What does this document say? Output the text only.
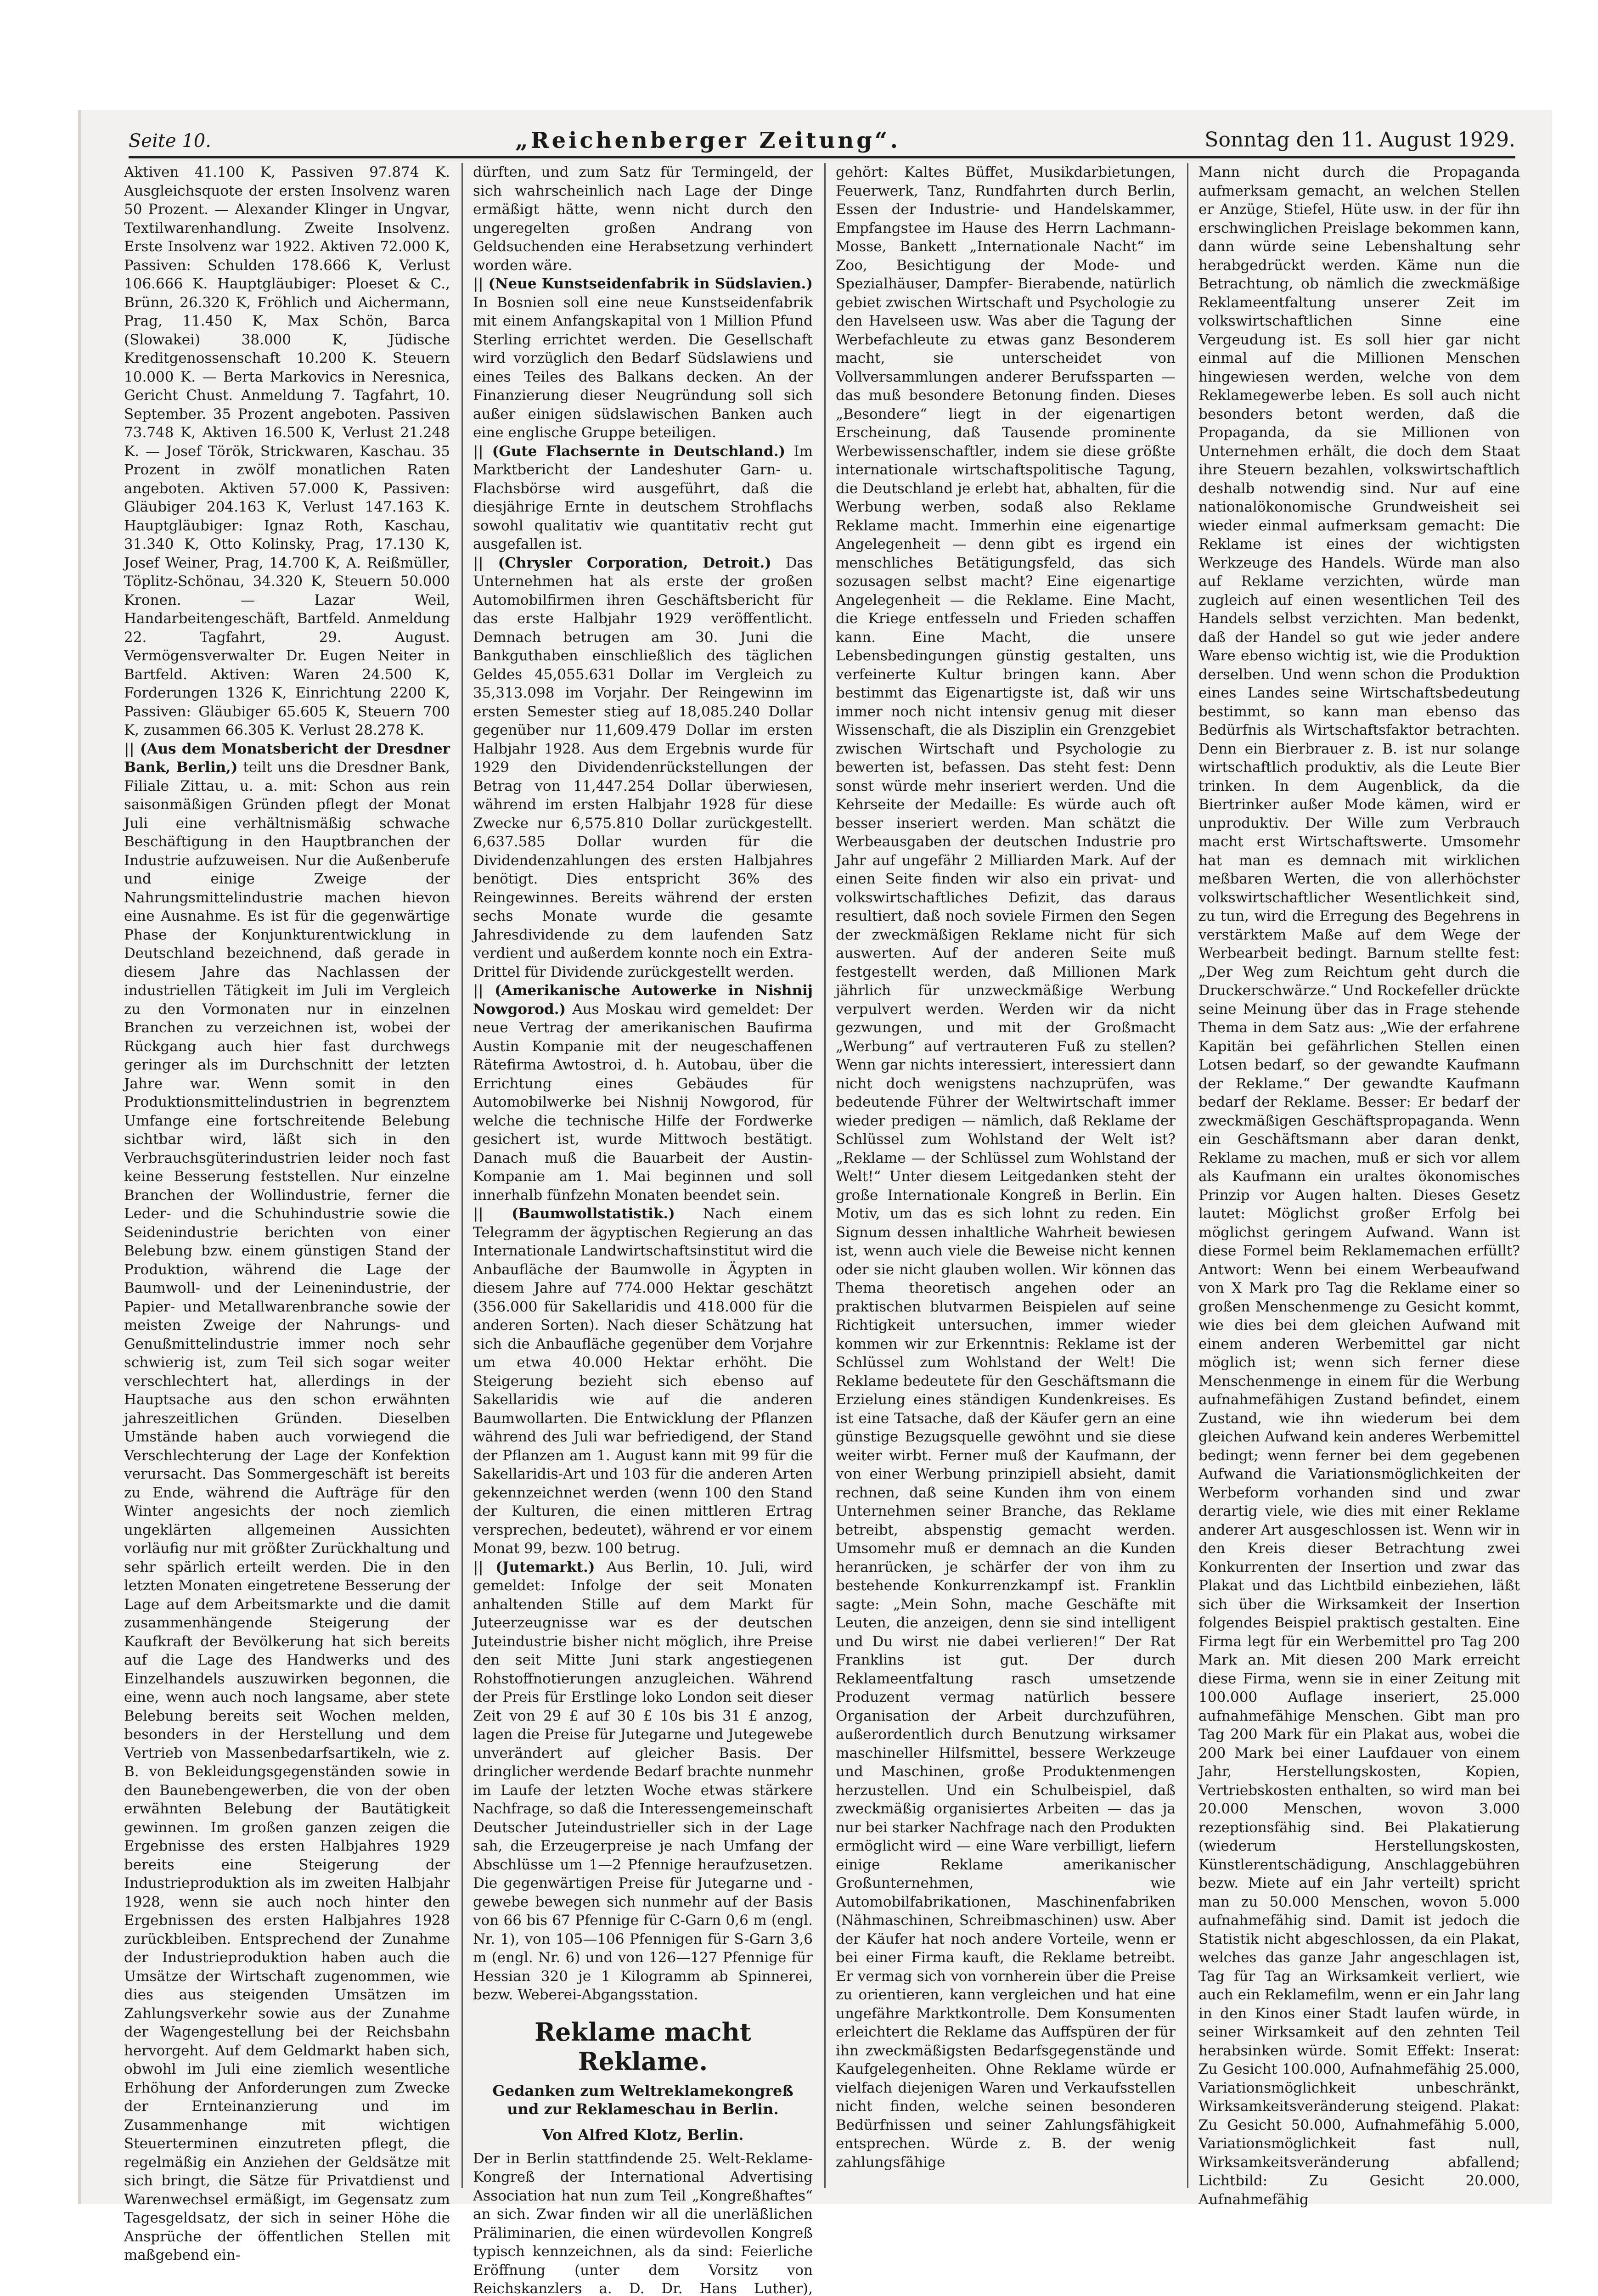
Seite 10.	„Reichenberger Zeitung“.	Sonntag den 11. August 1929.

Aktiven 41.100 K, Passiven 97.874 K. Ausgleichsquote der ersten Insolvenz waren 50 Prozent. — Alexander Klinger in Ungvar, Textilwarenhandlung. Zweite Insolvenz. Erste Insolvenz war 1922. Aktiven 72.000 K, Passiven: Schulden 178.666 K, Verlust 106.666 K. Hauptgläubiger: Ploeset & C., Brünn, 26.320 K, Fröhlich und Aichermann, Prag, 11.450 K, Max Schön, Barca (Slowakei) 38.000 K, Jüdische Kreditgenossenschaft 10.200 K. Steuern 10.000 K. — Berta Markovics in Neresnica, Gericht Chust. Anmeldung 7. Tagfahrt, 10. September. 35 Prozent angeboten. Passiven 73.748 K, Aktiven 16.500 K, Verlust 21.248 K. — Josef Török, Strickwaren, Kaschau. 35 Prozent in zwölf monatlichen Raten angeboten. Aktiven 57.000 K, Passiven: Gläubiger 204.163 K, Verlust 147.163 K. Hauptgläubiger: Ignaz Roth, Kaschau, 31.340 K, Otto Kolinsky, Prag, 17.130 K, Josef Weiner, Prag, 14.700 K, A. Reißmüller, Töplitz-Schönau, 34.320 K, Steuern 50.000 Kronen. — Lazar Weil, Handarbeitengeschäft, Bartfeld. Anmeldung 22. Tagfahrt, 29. August. Vermögensverwalter Dr. Eugen Neiter in Bartfeld. Aktiven: Waren 24.500 K, Forderungen 1326 K, Einrichtung 2200 K, Passiven: Gläubiger 65.605 K, Steuern 700 K, zusammen 66.305 K. Verlust 28.278 K.

|| (Aus dem Monatsbericht der Dresdner Bank, Berlin,) teilt uns die Dresdner Bank, Filiale Zittau, u. a. mit: Schon aus rein saisonmäßigen Gründen pflegt der Monat Juli eine verhältnismäßig schwache Beschäftigung in den Hauptbranchen der Industrie aufzuweisen. Nur die Außenberufe und einige Zweige der Nahrungsmittelindustrie machen hievon eine Ausnahme. Es ist für die gegenwärtige Phase der Konjunkturentwicklung in Deutschland bezeichnend, daß gerade in diesem Jahre das Nachlassen der industriellen Tätigkeit im Juli im Vergleich zu den Vormonaten nur in einzelnen Branchen zu verzeichnen ist, wobei der Rückgang auch hier fast durchwegs geringer als im Durchschnitt der letzten Jahre war. Wenn somit in den Produktionsmittelindustrien in begrenztem Umfange eine fortschreitende Belebung sichtbar wird, läßt sich in den Verbrauchsgüterindustrien leider noch fast keine Besserung feststellen. Nur einzelne Branchen der Wollindustrie, ferner die Leder- und die Schuhindustrie sowie die Seidenindustrie berichten von einer Belebung bzw. einem günstigen Stand der Produktion, während die Lage der Baumwoll- und der Leinenindustrie, der Papier- und Metallwarenbranche sowie der meisten Zweige der Nahrungs- und Genußmittelindustrie immer noch sehr schwierig ist, zum Teil sich sogar weiter verschlechtert hat, allerdings in der Hauptsache aus den schon erwähnten jahreszeitlichen Gründen. Dieselben Umstände haben auch vorwiegend die Verschlechterung der Lage der Konfektion verursacht. Das Sommergeschäft ist bereits zu Ende, während die Aufträge für den Winter angesichts der noch ziemlich ungeklärten allgemeinen Aussichten vorläufig nur mit größter Zurückhaltung und sehr spärlich erteilt werden. Die in den letzten Monaten eingetretene Besserung der Lage auf dem Arbeitsmarkte und die damit zusammenhängende Steigerung der Kaufkraft der Bevölkerung hat sich bereits auf die Lage des Handwerks und des Einzelhandels auszuwirken begonnen, die eine, wenn auch noch langsame, aber stete Belebung bereits seit Wochen melden, besonders in der Herstellung und dem Vertrieb von Massenbedarfsartikeln, wie z. B. von Bekleidungsgegenständen sowie in den Baunebengewerben, die von der oben erwähnten Belebung der Bautätigkeit gewinnen. Im großen ganzen zeigen die Ergebnisse des ersten Halbjahres 1929 bereits eine Steigerung der Industrieproduktion als im zweiten Halbjahr 1928, wenn sie auch noch hinter den Ergebnissen des ersten Halbjahres 1928 zurückbleiben. Entsprechend der Zunahme der Industrieproduktion haben auch die Umsätze der Wirtschaft zugenommen, wie dies aus steigenden Umsätzen im Zahlungsverkehr sowie aus der Zunahme der Wagengestellung bei der Reichsbahn hervorgeht. Auf dem Geldmarkt haben sich, obwohl im Juli eine ziemlich wesentliche Erhöhung der Anforderungen zum Zwecke der Ernteinanzierung und im Zusammenhange mit wichtigen Steuerterminen einzutreten pflegt, die regelmäßig ein Anziehen der Geldsätze mit sich bringt, die Sätze für Privatdienst und Warenwechsel ermäßigt, im Gegensatz zum Tagesgeldsatz, der sich in seiner Höhe die Ansprüche der öffentlichen Stellen mit maßgebend ein-

dürften, und zum Satz für Termingeld, der sich wahrscheinlich nach Lage der Dinge ermäßigt hätte, wenn nicht durch den ungeregelten großen Andrang von Geldsuchenden eine Herabsetzung verhindert worden wäre.

|| (Neue Kunstseidenfabrik in Südslavien.) In Bosnien soll eine neue Kunstseidenfabrik mit einem Anfangskapital von 1 Million Pfund Sterling errichtet werden. Die Gesellschaft wird vorzüglich den Bedarf Südslawiens und eines Teiles des Balkans decken. An der Finanzierung dieser Neugründung soll sich außer einigen südslawischen Banken auch eine englische Gruppe beteiligen.

|| (Gute Flachsernte in Deutschland.) Im Marktbericht der Landeshuter Garn- u. Flachsbörse wird ausgeführt, daß die diesjährige Ernte in deutschem Strohflachs sowohl qualitativ wie quantitativ recht gut ausgefallen ist.

|| (Chrysler Corporation, Detroit.) Das Unternehmen hat als erste der großen Automobilfirmen ihren Geschäftsbericht für das erste Halbjahr 1929 veröffentlicht. Demnach betrugen am 30. Juni die Bankguthaben einschließlich des täglichen Geldes 45,055.631 Dollar im Vergleich zu 35,313.098 im Vorjahr. Der Reingewinn im ersten Semester stieg auf 18,085.240 Dollar gegenüber nur 11,609.479 Dollar im ersten Halbjahr 1928. Aus dem Ergebnis wurde für 1929 den Dividendenrückstellungen der Betrag von 11,447.254 Dollar überwiesen, während im ersten Halbjahr 1928 für diese Zwecke nur 6,575.810 Dollar zurückgestellt. 6,637.585 Dollar wurden für die Dividendenzahlungen des ersten Halbjahres benötigt. Dies entspricht 36% des Reingewinnes. Bereits während der ersten sechs Monate wurde die gesamte Jahresdividende zu dem laufenden Satz verdient und außerdem konnte noch ein Extra-Drittel für Dividende zurückgestellt werden.

|| (Amerikanische Autowerke in Nishnij Nowgorod.) Aus Moskau wird gemeldet: Der neue Vertrag der amerikanischen Baufirma Austin Kompanie mit der neugeschaffenen Rätefirma Awtostroi, d. h. Autobau, über die Errichtung eines Gebäudes für Automobilwerke bei Nishnij Nowgorod, für welche die technische Hilfe der Fordwerke gesichert ist, wurde Mittwoch bestätigt. Danach muß die Bauarbeit der Austin-Kompanie am 1. Mai beginnen und soll innerhalb fünfzehn Monaten beendet sein.

|| (Baumwollstatistik.) Nach einem Telegramm der ägyptischen Regierung an das Internationale Landwirtschaftsinstitut wird die Anbaufläche der Baumwolle in Ägypten in diesem Jahre auf 774.000 Hektar geschätzt (356.000 für Sakellaridis und 418.000 für die anderen Sorten). Nach dieser Schätzung hat sich die Anbaufläche gegenüber dem Vorjahre um etwa 40.000 Hektar erhöht. Die Steigerung bezieht sich ebenso auf Sakellaridis wie auf die anderen Baumwollarten. Die Entwicklung der Pflanzen während des Juli war befriedigend, der Stand der Pflanzen am 1. August kann mit 99 für die Sakellaridis-Art und 103 für die anderen Arten gekennzeichnet werden (wenn 100 den Stand der Kulturen, die einen mittleren Ertrag versprechen, bedeutet), während er vor einem Monat 99, bezw. 100 betrug.

|| (Jutemarkt.) Aus Berlin, 10. Juli, wird gemeldet: Infolge der seit Monaten anhaltenden Stille auf dem Markt für Juteerzeugnisse war es der deutschen Juteindustrie bisher nicht möglich, ihre Preise den seit Mitte Juni stark angestiegenen Rohstoffnotierungen anzugleichen. Während der Preis für Erstlinge loko London seit dieser Zeit von 29 £ auf 30 £ 10s bis 31 £ anzog, lagen die Preise für Jutegarne und Jutegewebe unverändert auf gleicher Basis. Der dringlicher werdende Bedarf brachte nunmehr im Laufe der letzten Woche etwas stärkere Nachfrage, so daß die Interessengemeinschaft Deutscher Juteindustrieller sich in der Lage sah, die Erzeugerpreise je nach Umfang der Abschlüsse um 1—2 Pfennige heraufzusetzen. Die gegenwärtigen Preise für Jutegarne und -gewebe bewegen sich nunmehr auf der Basis von 66 bis 67 Pfennige für C-Garn 0,6 m (engl. Nr. 1), von 105—106 Pfennigen für S-Garn 3,6 m (engl. Nr. 6) und von 126—127 Pfennige für Hessian 320 je 1 Kilogramm ab Spinnerei, bezw. Weberei-Abgangsstation.

Reklame macht Reklame.
Gedanken zum Weltreklamekongreß und zur Reklameschau in Berlin.
Von Alfred Klotz, Berlin.

Der in Berlin stattfindende 25. Welt-Reklame-Kongreß der International Advertising Association hat nun zum Teil „Kongreßhaftes“ an sich. Zwar finden wir all die unerläßlichen Präliminarien, die einen würdevollen Kongreß typisch kennzeichnen, als da sind: Feierliche Eröffnung (unter dem Vorsitz von Reichskanzlers a. D. Dr. Hans Luther),

gehört: Kaltes Büffet, Musikdarbietungen, Feuerwerk, Tanz, Rundfahrten durch Berlin, Essen der Industrie- und Handelskammer, Empfangstee im Hause des Herrn Lachmann-Mosse, Bankett „Internationale Nacht“ im Zoo, Besichtigung der Mode- und Spezialhäuser, Dampfer- Bierabende, natürlich gebiet zwischen Wirtschaft und Psychologie zu den Havelseen usw. Was aber die Tagung der Werbefachleute zu etwas ganz Besonderem macht, sie unterscheidet von Vollversammlungen anderer Berufssparten — das muß besondere Betonung finden. Dieses „Besondere“ liegt in der eigenartigen Erscheinung, daß Tausende prominente Werbewissenschaftler, indem sie diese größte internationale wirtschaftspolitische Tagung, die Deutschland je erlebt hat, abhalten, für die Werbung werben, sodaß also Reklame Reklame macht. Immerhin eine eigenartige Angelegenheit — denn gibt es irgend ein menschliches Betätigungsfeld, das sich sozusagen selbst macht? Eine eigenartige Angelegenheit — die Reklame. Eine Macht, die Kriege entfesseln und Frieden schaffen kann. Eine Macht, die unsere Lebensbedingungen günstig gestalten, uns verfeinerte Kultur bringen kann. Aber bestimmt das Eigenartigste ist, daß wir uns immer noch nicht intensiv genug mit dieser Wissenschaft, die als Disziplin ein Grenzgebiet zwischen Wirtschaft und Psychologie zu bewerten ist, befassen. Das steht fest: Denn sonst würde mehr inseriert werden. Und die Kehrseite der Medaille: Es würde auch oft besser inseriert werden. Man schätzt die Werbeausgaben der deutschen Industrie pro Jahr auf ungefähr 2 Milliarden Mark. Auf der einen Seite finden wir also ein privat- und volkswirtschaftliches Defizit, das daraus resultiert, daß noch soviele Firmen den Segen der zweckmäßigen Reklame nicht für sich auswerten. Auf der anderen Seite muß festgestellt werden, daß Millionen Mark jährlich für unzweckmäßige Werbung verpulvert werden. Werden wir da nicht gezwungen, und mit der Großmacht „Werbung“ auf vertrauteren Fuß zu stellen? Wenn gar nichts interessiert, interessiert dann nicht doch wenigstens nachzuprüfen, was bedeutende Führer der Weltwirtschaft immer wieder predigen — nämlich, daß Reklame der Schlüssel zum Wohlstand der Welt ist? „Reklame — der Schlüssel zum Wohlstand der Welt!“ Unter diesem Leitgedanken steht der große Internationale Kongreß in Berlin. Ein Motiv, um das es sich lohnt zu reden. Ein Signum dessen inhaltliche Wahrheit bewiesen ist, wenn auch viele die Beweise nicht kennen oder sie nicht glauben wollen. Wir können das Thema theoretisch angehen oder an praktischen blutvarmen Beispielen auf seine Richtigkeit untersuchen, immer wieder kommen wir zur Erkenntnis: Reklame ist der Schlüssel zum Wohlstand der Welt! Die Reklame bedeutete für den Geschäftsmann die Erzielung eines ständigen Kundenkreises. Es ist eine Tatsache, daß der Käufer gern an eine günstige Bezugsquelle gewöhnt und sie diese weiter wirbt. Ferner muß der Kaufmann, der von einer Werbung prinzipiell absieht, damit rechnen, daß seine Kunden ihm von einem Unternehmen seiner Branche, das Reklame betreibt, abspenstig gemacht werden. Umsomehr muß er demnach an die Kunden heranrücken, je schärfer der von ihm zu bestehende Konkurrenzkampf ist. Franklin sagte: „Mein Sohn, mache Geschäfte mit Leuten, die anzeigen, denn sie sind intelligent und Du wirst nie dabei verlieren!“ Der Rat Franklins ist gut. Der durch Reklameentfaltung rasch umsetzende Produzent vermag natürlich bessere Organisation der Arbeit durchzuführen, außerordentlich durch Benutzung wirksamer maschineller Hilfsmittel, bessere Werkzeuge und Maschinen, große Produktenmengen herzustellen. Und ein Schulbeispiel, daß zweckmäßig organisiertes Arbeiten — das ja nur bei starker Nachfrage nach den Produkten ermöglicht wird — eine Ware verbilligt, liefern einige Reklame amerikanischer Großunternehmen, wie Automobilfabrikationen, Maschinenfabriken (Nähmaschinen, Schreibmaschinen) usw. Aber der Käufer hat noch andere Vorteile, wenn er bei einer Firma kauft, die Reklame betreibt. Er vermag sich von vornherein über die Preise zu orientieren, kann vergleichen und hat eine ungefähre Marktkontrolle. Dem Konsumenten erleichtert die Reklame das Auffspüren der für ihn zweckmäßigsten Bedarfsgegenstände und Kaufgelegenheiten. Ohne Reklame würde er vielfach diejenigen Waren und Verkaufsstellen nicht finden, welche seinen besonderen Bedürfnissen und seiner Zahlungsfähigkeit entsprechen. Würde z. B. der wenig zahlungsfähige

Mann nicht durch die Propaganda aufmerksam gemacht, an welchen Stellen er Anzüge, Stiefel, Hüte usw. in der für ihn erschwinglichen Preislage bekommen kann, dann würde seine Lebenshaltung sehr herabgedrückt werden. Käme nun die Betrachtung, ob nämlich die zweckmäßige Reklameentfaltung unserer Zeit im volkswirtschaftlichen Sinne eine Vergeudung ist. Es soll hier gar nicht einmal auf die Millionen Menschen hingewiesen werden, welche von dem Reklamegewerbe leben. Es soll auch nicht besonders betont werden, daß die Propaganda, da sie Millionen von Unternehmen erhält, die doch dem Staat ihre Steuern bezahlen, volkswirtschaftlich deshalb notwendig sind. Nur auf eine nationalökonomische Grundweisheit sei wieder einmal aufmerksam gemacht: Die Reklame ist eines der wichtigsten Werkzeuge des Handels. Würde man also auf Reklame verzichten, würde man zugleich auf einen wesentlichen Teil des Handels selbst verzichten. Man bedenkt, daß der Handel so gut wie jeder andere Ware ebenso wichtig ist, wie die Produktion derselben. Und wenn schon die Produktion eines Landes seine Wirtschaftsbedeutung bestimmt, so kann man ebenso das Bedürfnis als Wirtschaftsfaktor betrachten. Denn ein Bierbrauer z. B. ist nur solange wirtschaftlich produktiv, als die Leute Bier trinken. In dem Augenblick, da die Biertrinker außer Mode kämen, wird er unproduktiv. Der Wille zum Verbrauch macht erst Wirtschaftswerte. Umsomehr hat man es demnach mit wirklichen meßbaren Werten, die von allerhöchster volkswirtschaftlicher Wesentlichkeit sind, zu tun, wird die Erregung des Begehrens in verstärktem Maße auf dem Wege der Werbearbeit bedingt. Barnum stellte fest: „Der Weg zum Reichtum geht durch die Druckerschwärze.“ Und Rockefeller drückte seine Meinung über das in Frage stehende Thema in dem Satz aus: „Wie der erfahrene Kapitän bei gefährlichen Stellen einen Lotsen bedarf, so der gewandte Kaufmann der Reklame.“ Der gewandte Kaufmann bedarf der Reklame. Besser: Er bedarf der zweckmäßigen Geschäftspropaganda. Wenn ein Geschäftsmann aber daran denkt, Reklame zu machen, muß er sich vor allem als Kaufmann ein uraltes ökonomisches Prinzip vor Augen halten. Dieses Gesetz lautet: Möglichst großer Erfolg bei möglichst geringem Aufwand. Wann ist diese Formel beim Reklamemachen erfüllt? Antwort: Wenn bei einem Werbeaufwand von X Mark pro Tag die Reklame einer so großen Menschenmenge zu Gesicht kommt, wie dies bei dem gleichen Aufwand mit einem anderen Werbemittel gar nicht möglich ist; wenn sich ferner diese Menschenmenge in einem für die Werbung aufnahmefähigen Zustand befindet, einem Zustand, wie ihn wiederum bei dem gleichen Aufwand kein anderes Werbemittel bedingt; wenn ferner bei dem gegebenen Aufwand die Variationsmöglichkeiten der Werbeform vorhanden sind und zwar derartig viele, wie dies mit einer Reklame anderer Art ausgeschlossen ist. Wenn wir in den Kreis dieser Betrachtung zwei Konkurrenten der Insertion und zwar das Plakat und das Lichtbild einbeziehen, läßt sich über die Wirksamkeit der Insertion folgendes Beispiel praktisch gestalten. Eine Firma legt für ein Werbemittel pro Tag 200 Mark an. Mit diesen 200 Mark erreicht diese Firma, wenn sie in einer Zeitung mit 100.000 Auflage inseriert, 25.000 aufnahmefähige Menschen. Gibt man pro Tag 200 Mark für ein Plakat aus, wobei die 200 Mark bei einer Laufdauer von einem Jahr, Herstellungskosten, Kopien, Vertriebskosten enthalten, so wird man bei 20.000 Menschen, wovon 3.000 rezeptionsfähig sind. Bei Plakatierung (wiederum Herstellungskosten, Künstlerentschädigung, Anschlaggebühren bezw. Miete auf ein Jahr verteilt) spricht man zu 50.000 Menschen, wovon 5.000 aufnahmefähig sind. Damit ist jedoch die Statistik nicht abgeschlossen, da ein Plakat, welches das ganze Jahr angeschlagen ist, Tag für Tag an Wirksamkeit verliert, wie auch ein Reklamefilm, wenn er ein Jahr lang in den Kinos einer Stadt laufen würde, in seiner Wirksamkeit auf den zehnten Teil herabsinken würde. Somit Effekt: Inserat: Zu Gesicht 100.000, Aufnahmefähig 25.000, Variationsmöglichkeit unbeschränkt, Wirksamkeitsveränderung steigend. Plakat: Zu Gesicht 50.000, Aufnahmefähig 5.000, Variationsmöglichkeit fast null, Wirksamkeitsveränderung abfallend; Lichtbild: Zu Gesicht 20.000, Aufnahmefähig
